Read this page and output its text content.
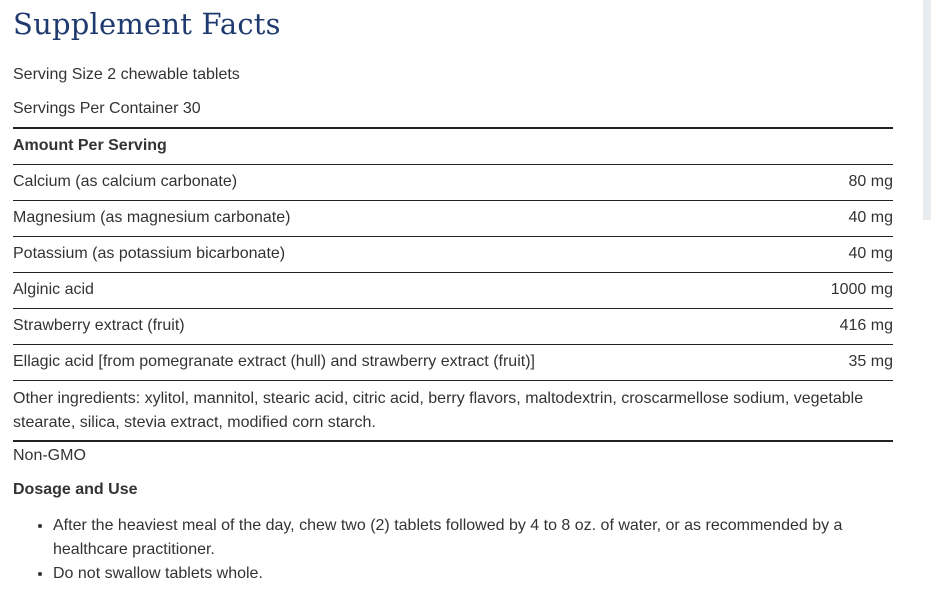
Supplement Facts
Serving Size 2 chewable tablets
Servings Per Container 30
Amount Per Serving	
Calcium (as calcium carbonate)	80 mg
Magnesium (as magnesium carbonate)	40 mg
Potassium (as potassium bicarbonate)	40 mg
Alginic acid	1000 mg
Strawberry extract (fruit)	416 mg
Ellagic acid [from pomegranate extract (hull) and strawberry extract (fruit)]	35 mg
Other ingredients: xylitol, mannitol, stearic acid, citric acid, berry flavors, maltodextrin, croscarmellose sodium, vegetable stearate, silica, stevia extract, modified corn starch.
Non-GMO
Dosage and Use
• After the heaviest meal of the day, chew two (2) tablets followed by 4 to 8 oz. of water, or as recommended by a healthcare practitioner.
• Do not swallow tablets whole.
